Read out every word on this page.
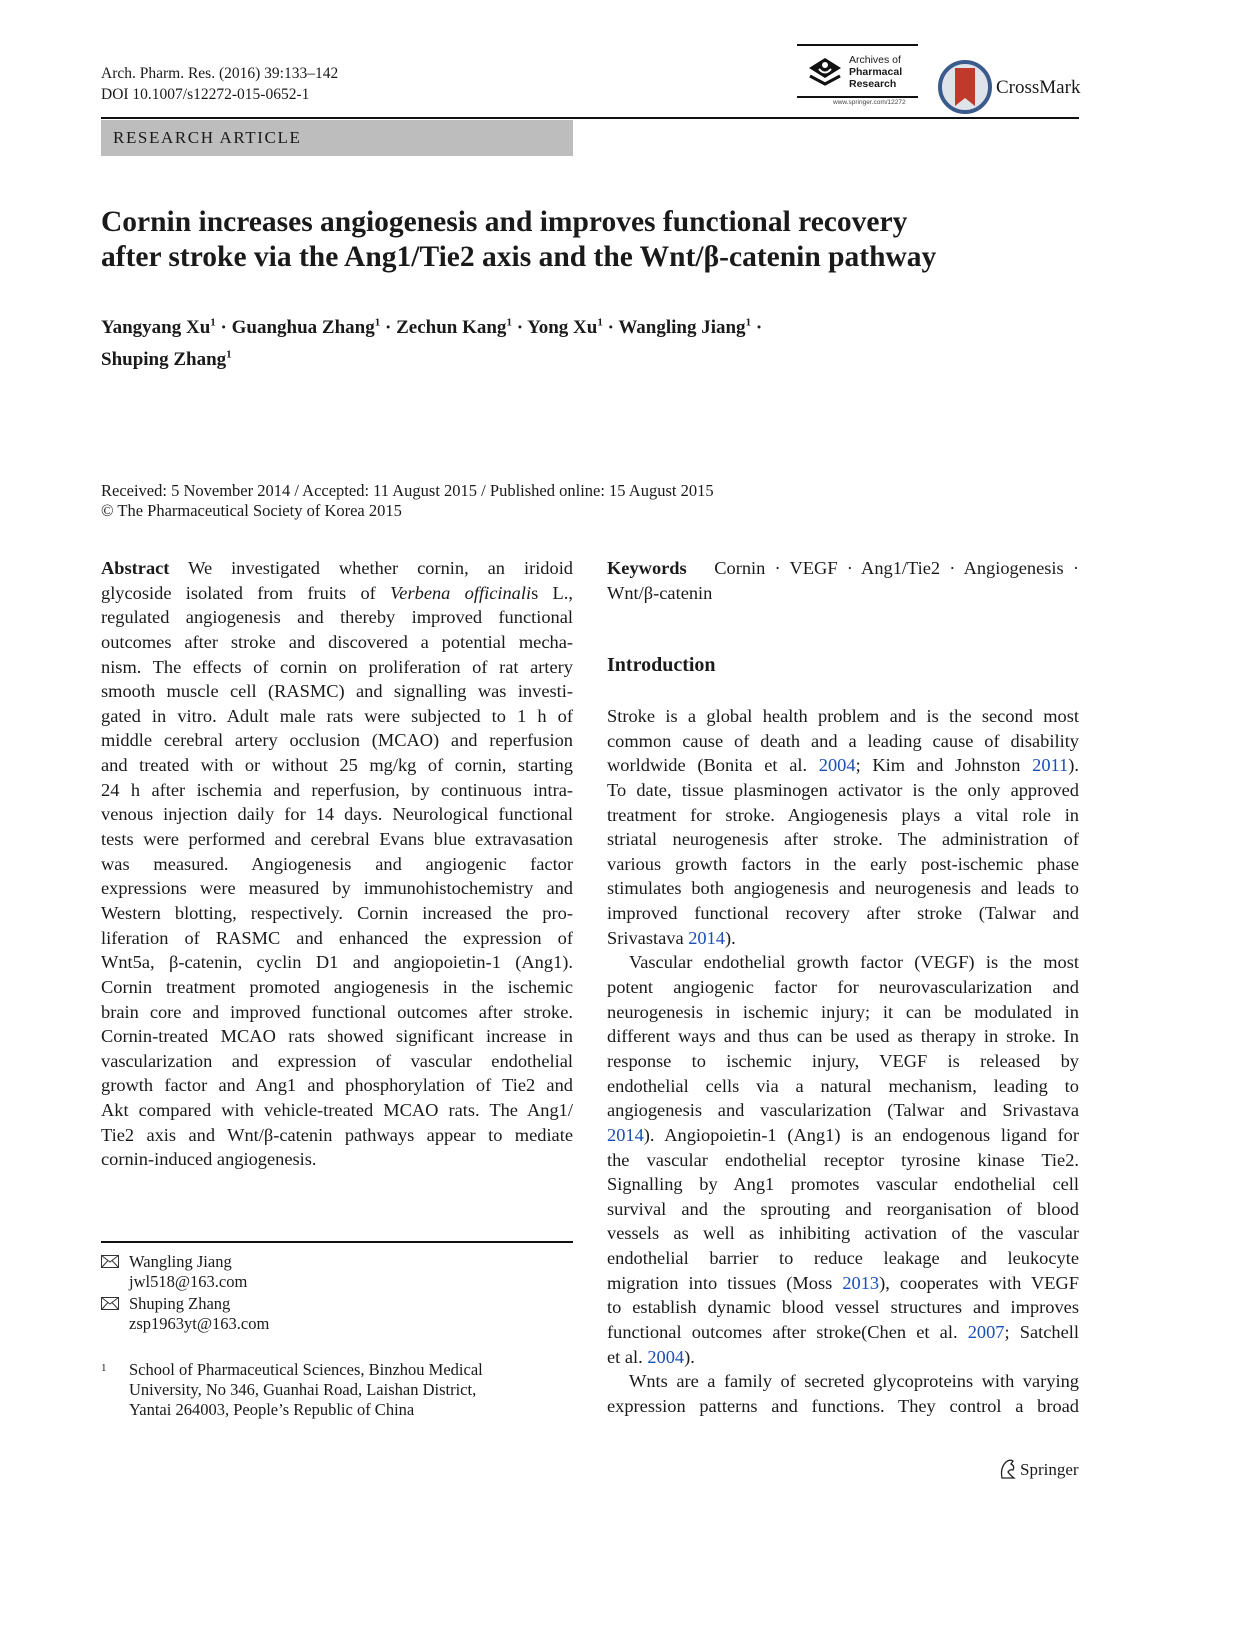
Arch. Pharm. Res. (2016) 39:133–142
DOI 10.1007/s12272-015-0652-1
Archives of
Pharmacal
Research
www.springer.com/12272
CrossMark
RESEARCH ARTICLE
Cornin increases angiogenesis and improves functional recovery
after stroke via the Ang1/Tie2 axis and the Wnt/β-catenin pathway
Yangyang $Xu^1$ · Guanghua Zhang$^1$ · Zechun Kang$^1$ · Yong $Xu^1$ · Wangling Jiang$^1$ ·
Shuping Zhang$^1$
Received: 5 November 2014 / Accepted: 11 August 2015 / Published online: 15 August 2015
© The Pharmaceutical Society of Korea 2015
Abstract We investigated whether cornin, an iridoid
glycoside isolated from fruits of Verbena officinalis L.,
regulated angiogenesis and thereby improved functional
outcomes after stroke and discovered a potential mecha-
nism. The effects of cornin on proliferation of rat artery
smooth muscle cell (RASMC) and signalling was investi-
gated in vitro. Adult male rats were subjected to 1 h of
middle cerebral artery occlusion (MCAO) and reperfusion
and treated with or without 25 mg/kg of cornin, starting
24 h after ischemia and reperfusion, by continuous intra-
venous injection daily for 14 days. Neurological functional
tests were performed and cerebral Evans blue extravasation
was measured. Angiogenesis and angiogenic factor
expressions were measured by immunohistochemistry and
Western blotting, respectively. Cornin increased the pro-
liferation of RASMC and enhanced the expression of
Wnt5a, β-catenin, cyclin D1 and angiopoietin-1 (Ang1).
Cornin treatment promoted angiogenesis in the ischemic
brain core and improved functional outcomes after stroke.
Cornin-treated MCAO rats showed significant increase in
vascularization and expression of vascular endothelial
growth factor and Ang1 and phosphorylation of Tie2 and
Akt compared with vehicle-treated MCAO rats. The Ang1/
Tie2 axis and Wnt/β-catenin pathways appear to mediate
cornin-induced angiogenesis.
Keywords Cornin · VEGF · Ang1/Tie2 · Angiogenesis ·
Wnt/β-catenin
Introduction
Stroke is a global health problem and is the second most
common cause of death and a leading cause of disability
worldwide (Bonita et al. 2004; Kim and Johnston 2011).
To date, tissue plasminogen activator is the only approved
treatment for stroke. Angiogenesis plays a vital role in
striatal neurogenesis after stroke. The administration of
various growth factors in the early post-ischemic phase
stimulates both angiogenesis and neurogenesis and leads to
improved functional recovery after stroke (Talwar and
Srivastava 2014).
Vascular endothelial growth factor (VEGF) is the most
potent angiogenic factor for neurovascularization and
neurogenesis in ischemic injury; it can be modulated in
different ways and thus can be used as therapy in stroke. In
response to ischemic injury, VEGF is released by
endothelial cells via a natural mechanism, leading to
angiogenesis and vascularization (Talwar and Srivastava
2014). Angiopoietin-1 (Ang1) is an endogenous ligand for
the vascular endothelial receptor tyrosine kinase Tie2.
Signalling by Ang1 promotes vascular endothelial cell
survival and the sprouting and reorganisation of blood
vessels as well as inhibiting activation of the vascular
endothelial barrier to reduce leakage and leukocyte
migration into tissues (Moss 2013), cooperates with VEGF
to establish dynamic blood vessel structures and improves
functional outcomes after stroke(Chen et al. 2007; Satchell
et al. 2004).
Wnts are a family of secreted glycoproteins with varying
expression patterns and functions. They control a broad
Wangling Jiang
jwl518@163.com
Shuping Zhang
zsp1963yt@163.com
1 School of Pharmaceutical Sciences, Binzhou Medical
University, No 346, Guanhai Road, Laishan District,
Yantai 264003, People’s Republic of China
Springer
